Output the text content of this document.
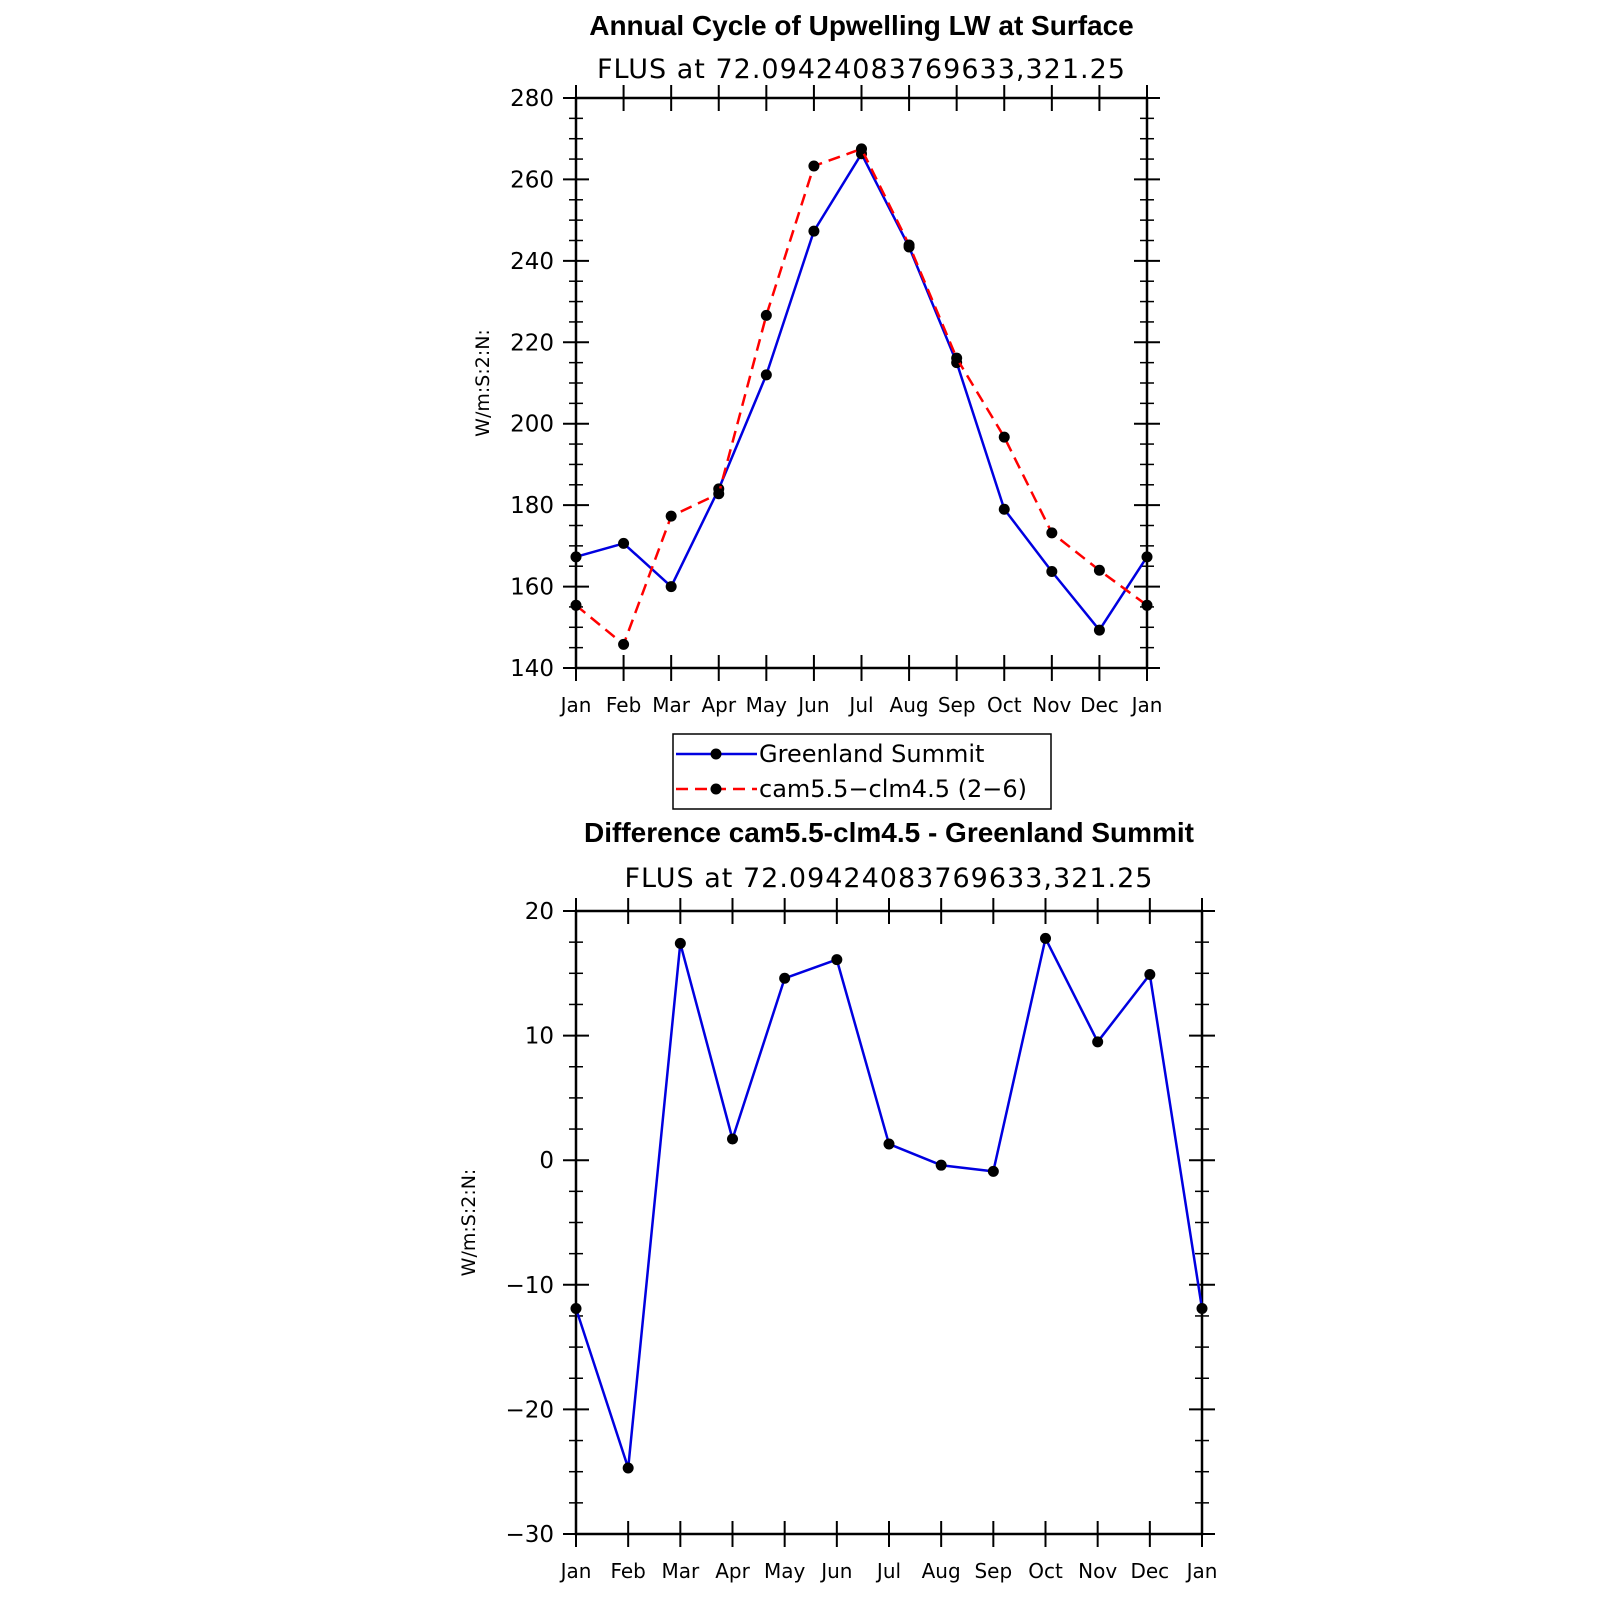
Annual Cycle of Upwelling LW at Surface
FLUS at 72.09424083769633,321.25
140
160
180
200
220
240
260
280
Jan Feb Mar Apr May Jun Jul Aug Sep Oct Nov Dec Jan
W/m:S:2:N:
Greenland Summit
cam5.5−clm4.5 (2−6)
Difference cam5.5-clm4.5 - Greenland Summit
FLUS at 72.09424083769633,321.25
−30
−20
−10
0
10
20
Jan Feb Mar Apr May Jun Jul Aug Sep Oct Nov Dec Jan
W/m:S:2:N:
